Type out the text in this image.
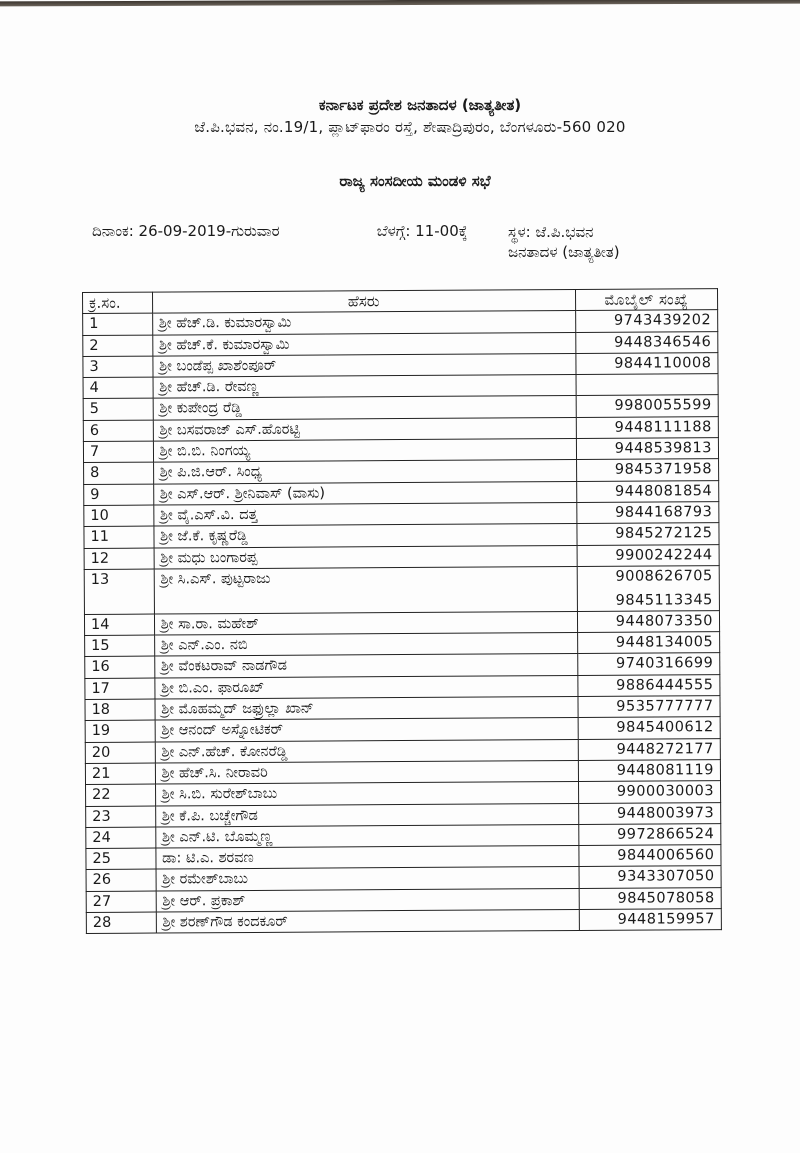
ಕರ್ನಾಟಕ ಪ್ರದೇಶ ಜನತಾದಳ (ಜಾತ್ಯತೀತ)
ಜೆ.ಪಿ.ಭವನ, ನಂ.19/1, ಪ್ಲಾಟ್‌ಫಾರಂ ರಸ್ತೆ, ಶೇಷಾದ್ರಿಪುರಂ, ಬೆಂಗಳೂರು-560 020
ರಾಜ್ಯ ಸಂಸದೀಯ ಮಂಡಳಿ ಸಭೆ
ದಿನಾಂಕ: 26-09-2019-ಗುರುವಾರ	ಬೆಳಗ್ಗೆ: 11-00ಕ್ಕೆ	ಸ್ಥಳ: ಜೆ.ಪಿ.ಭವನ
ಜನತಾದಳ (ಜಾತ್ಯತೀತ)
ಕ್ರ.ಸಂ.	ಹೆಸರು	ಮೊಬೈಲ್ ಸಂಖ್ಯೆ
1	ಶ್ರೀ ಹೆಚ್.ಡಿ. ಕುಮಾರಸ್ವಾಮಿ	9743439202

2	ಶ್ರೀ ಹೆಚ್.ಕೆ. ಕುಮಾರಸ್ವಾಮಿ	9448346546

3	ಶ್ರೀ ಬಂಡೆಪ್ಪ ಖಾಶೆಂಪೂರ್	9844110008

4	ಶ್ರೀ ಹೆಚ್.ಡಿ. ರೇವಣ್ಣ	

5	ಶ್ರೀ ಕುಪೇಂದ್ರ ರೆಡ್ಡಿ	9980055599

6	ಶ್ರೀ ಬಸವರಾಜ್ ಎಸ್.ಹೊರಟ್ಟಿ	9448111188

7	ಶ್ರೀ ಬಿ.ಬಿ. ನಿಂಗಯ್ಯ	9448539813

8	ಶ್ರೀ ಪಿ.ಜಿ.ಆರ್. ಸಿಂಧ್ಯ	9845371958

9	ಶ್ರೀ ಎಸ್.ಆರ್. ಶ್ರೀನಿವಾಸ್ (ವಾಸು)	9448081854

10	ಶ್ರೀ ವೈ.ಎಸ್.ವಿ. ದತ್ತ	9844168793

11	ಶ್ರೀ ಜೆ.ಕೆ. ಕೃಷ್ಣರೆಡ್ಡಿ	9845272125

12	ಶ್ರೀ ಮಧು ಬಂಗಾರಪ್ಪ	9900242244

13	ಶ್ರೀ ಸಿ.ಎಸ್. ಪುಟ್ಟರಾಜು	9008626705
9845113345

14	ಶ್ರೀ ಸಾ.ರಾ. ಮಹೇಶ್	9448073350

15	ಶ್ರೀ ಎನ್.ಎಂ. ನಬಿ	9448134005

16	ಶ್ರೀ ವೆಂಕಟರಾವ್ ನಾಡಗೌಡ	9740316699

17	ಶ್ರೀ ಬಿ.ಎಂ. ಫಾರೂಖ್	9886444555

18	ಶ್ರೀ ಮೊಹಮ್ಮದ್ ಜಫ್ರುಲ್ಲಾ ಖಾನ್	9535777777

19	ಶ್ರೀ ಆನಂದ್ ಅಸ್ನೋಟಿಕರ್	9845400612

20	ಶ್ರೀ ಎನ್.ಹೆಚ್. ಕೋನರೆಡ್ಡಿ	9448272177

21	ಶ್ರೀ ಹೆಚ್.ಸಿ. ನೀರಾವರಿ	9448081119

22	ಶ್ರೀ ಸಿ.ಬಿ. ಸುರೇಶ್‌ಬಾಬು	9900030003

23	ಶ್ರೀ ಕೆ.ಪಿ. ಬಚ್ಚೇಗೌಡ	9448003973

24	ಶ್ರೀ ಎನ್.ಟಿ. ಬೊಮ್ಮಣ್ಣ	9972866524

25	ಡಾ: ಟಿ.ಎ. ಶರವಣ	9844006560

26	ಶ್ರೀ ರಮೇಶ್‌ಬಾಬು	9343307050

27	ಶ್ರೀ ಆರ್. ಪ್ರಕಾಶ್	9845078058

28	ಶ್ರೀ ಶರಣ್‌ಗೌಡ ಕಂದಕೂರ್	9448159957
